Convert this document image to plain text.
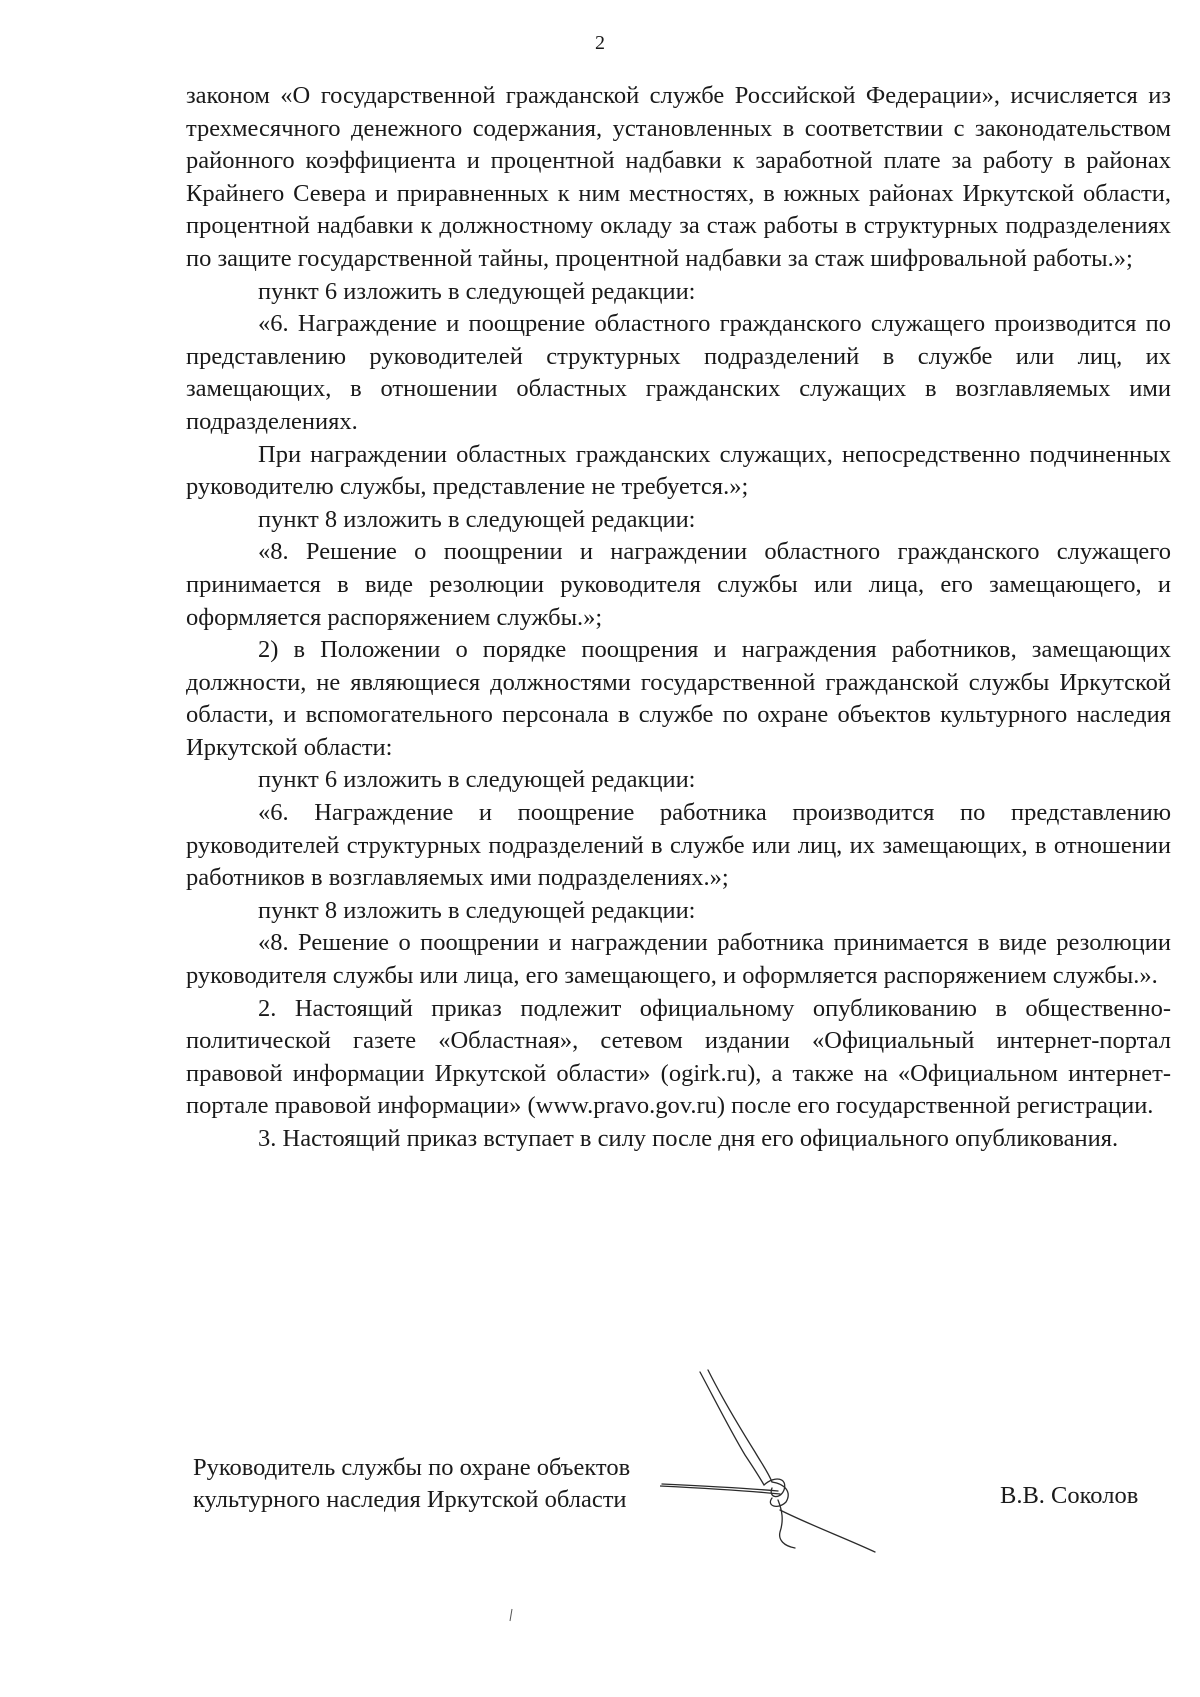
2

законом «О государственной гражданской службе Российской Федерации», исчисляется из трехмесячного денежного содержания, установленных в соответствии с законодательством районного коэффициента и процентной надбавки к заработной плате за работу в районах Крайнего Севера и приравненных к ним местностях, в южных районах Иркутской области, процентной надбавки к должностному окладу за стаж работы в структурных подразделениях по защите государственной тайны, процентной надбавки за стаж шифровальной работы.»;

пункт 6 изложить в следующей редакции:

«6. Награждение и поощрение областного гражданского служащего производится по представлению руководителей структурных подразделений в службе или лиц, их замещающих, в отношении областных гражданских служащих в возглавляемых ими подразделениях.

При награждении областных гражданских служащих, непосредственно подчиненных руководителю службы, представление не требуется.»;

пункт 8 изложить в следующей редакции:

«8. Решение о поощрении и награждении областного гражданского служащего принимается в виде резолюции руководителя службы или лица, его замещающего, и оформляется распоряжением службы.»;

2) в Положении о порядке поощрения и награждения работников, замещающих должности, не являющиеся должностями государственной гражданской службы Иркутской области, и вспомогательного персонала в службе по охране объектов культурного наследия Иркутской области:

пункт 6 изложить в следующей редакции:

«6. Награждение и поощрение работника производится по представлению руководителей структурных подразделений в службе или лиц, их замещающих, в отношении работников в возглавляемых ими подразделениях.»;

пункт 8 изложить в следующей редакции:

«8. Решение о поощрении и награждении работника принимается в виде резолюции руководителя службы или лица, его замещающего, и оформляется распоряжением службы.».

2. Настоящий приказ подлежит официальному опубликованию в общественно-политической газете «Областная», сетевом издании «Официальный интернет-портал правовой информации Иркутской области» (ogirk.ru), а также на «Официальном интернет-портале правовой информации» (www.pravo.gov.ru) после его государственной регистрации.

3. Настоящий приказ вступает в силу после дня его официального опубликования.

Руководитель службы по охране объектов
культурного наследия Иркутской области	В.В. Соколов
